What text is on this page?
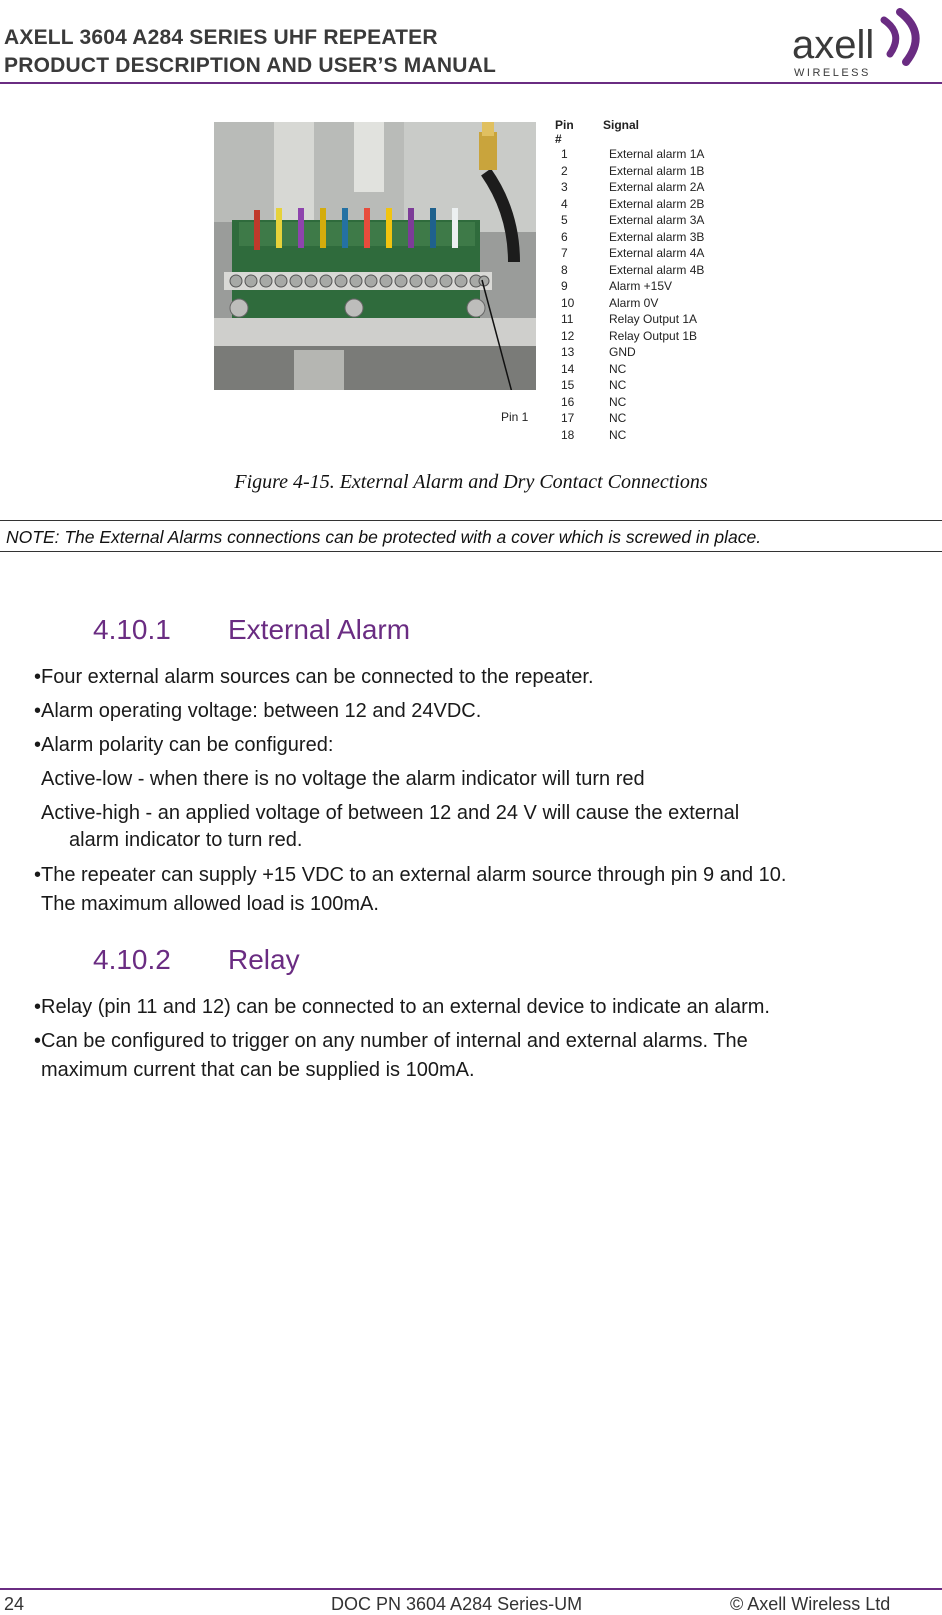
AXELL 3604 A284 SERIES UHF REPEATER
PRODUCT DESCRIPTION AND USER’S MANUAL	axell
WIRELESS
Pin 1
Pin #
Signal
1	External alarm 1A
2	External alarm 1B
3	External alarm 2A
4	External alarm 2B
5	External alarm 3A
6	External alarm 3B
7	External alarm 4A
8	External alarm 4B
9	Alarm +15V
10	Alarm 0V
11	Relay Output 1A
12	Relay Output 1B
13	GND
14	NC
15	NC
16	NC
17	NC
18	NC
Figure 4-15. External Alarm and Dry Contact Connections
NOTE: The External Alarms connections can be protected with a cover which is screwed in place.
4.10.1 External Alarm
• Four external alarm sources can be connected to the repeater.
• Alarm operating voltage: between 12 and 24VDC.
• Alarm polarity can be configured:
Active-low - when there is no voltage the alarm indicator will turn red
Active-high - an applied voltage of between 12 and 24 V will cause the external
alarm indicator to turn red.
• The repeater can supply +15 VDC to an external alarm source through pin 9 and 10.
The maximum allowed load is 100mA.
4.10.2 Relay
• Relay (pin 11 and 12) can be connected to an external device to indicate an alarm.
• Can be configured to trigger on any number of internal and external alarms. The
maximum current that can be supplied is 100mA.
24	DOC PN 3604 A284 Series-UM	© Axell Wireless Ltd
